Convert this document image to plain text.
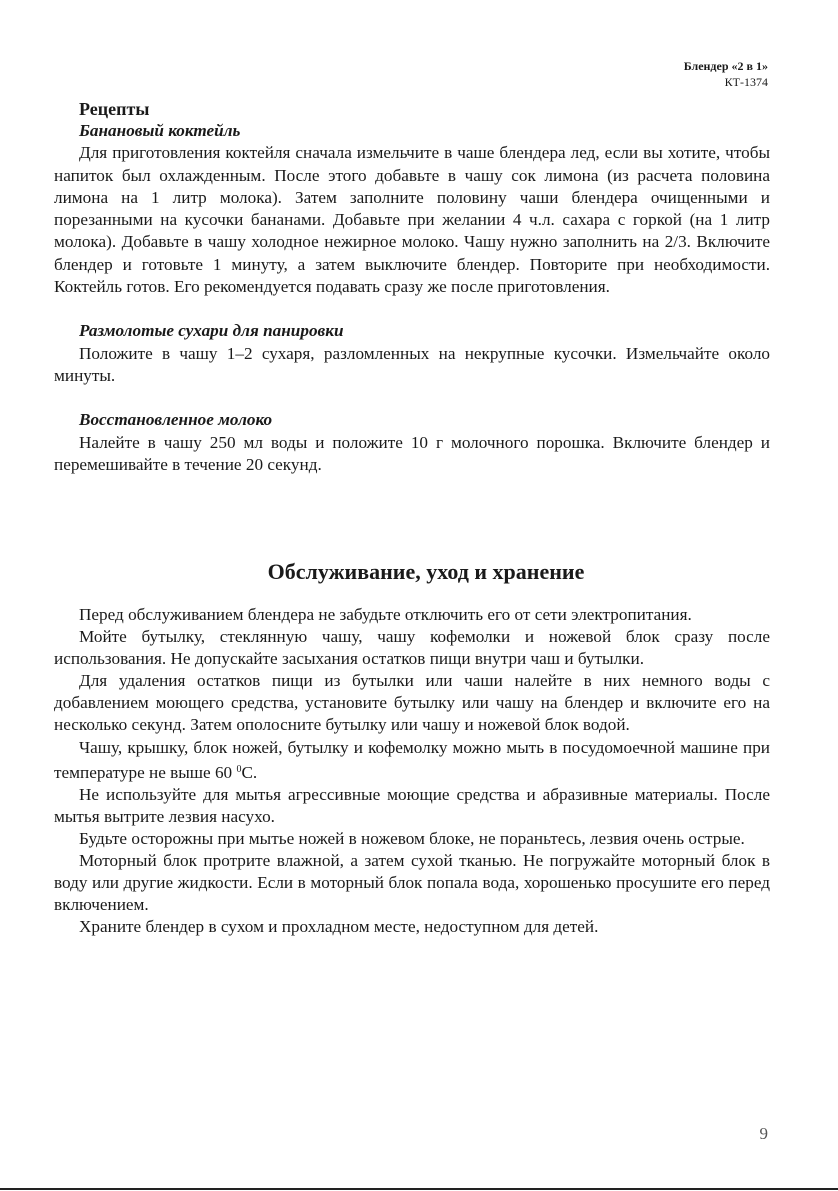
Блендер «2 в 1»
КТ-1374
Рецепты
Банановый коктейль

Для приготовления коктейля сначала измельчите в чаше блендера лед, если вы хотите, чтобы напиток был охлажденным. После этого добавьте в чашу сок лимона (из расчета половина лимона на 1 литр молока). Затем заполните половину чаши блендера очищенными и порезанными на кусочки бананами. Добавьте при желании 4 ч.л. сахара с горкой (на 1 литр молока). Добавьте в чашу холодное нежирное молоко. Чашу нужно заполнить на 2/3. Включите блендер и готовьте 1 минуту, а затем выключите блендер. Повторите при необходимости. Коктейль готов. Его рекомендуется подавать сразу же после приготовления.

Размолотые сухари для панировки

Положите в чашу 1–2 сухаря, разломленных на некрупные кусочки. Измельчайте около минуты.

Восстановленное молоко

Налейте в чашу 250 мл воды и положите 10 г молочного порошка. Включите блендер и перемешивайте в течение 20 секунд.

Обслуживание, уход и хранение

Перед обслуживанием блендера не забудьте отключить его от сети электропитания.

Мойте бутылку, стеклянную чашу, чашу кофемолки и ножевой блок сразу после использования. Не допускайте засыхания остатков пищи внутри чаш и бутылки.

Для удаления остатков пищи из бутылки или чаши налейте в них немного воды с добавлением моющего средства, установите бутылку или чашу на блендер и включите его на несколько секунд. Затем ополосните бутылку или чашу и ножевой блок водой.

Чашу, крышку, блок ножей, бутылку и кофемолку можно мыть в посудомоечной машине при температуре не выше 60 $^0$С.

Не используйте для мытья агрессивные моющие средства и абразивные материалы. После мытья вытрите лезвия насухо.

Будьте осторожны при мытье ножей в ножевом блоке, не пораньтесь, лезвия очень острые.

Моторный блок протрите влажной, а затем сухой тканью. Не погружайте моторный блок в воду или другие жидкости. Если в моторный блок попала вода, хорошенько просушите его перед включением.

Храните блендер в сухом и прохладном месте, недоступном для детей.

9
